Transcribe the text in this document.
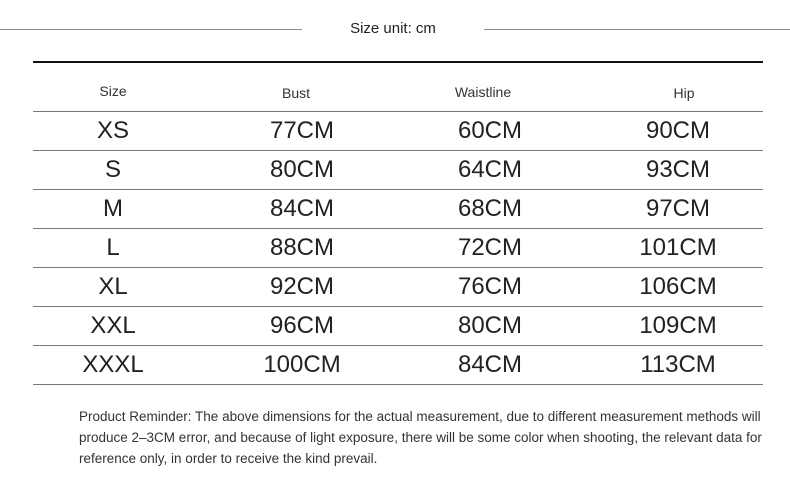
Size unit: cm
Size	Bust	Waistline	Hip
XS	77CM	60CM	90CM
S	80CM	64CM	93CM
M	84CM	68CM	97CM
L	88CM	72CM	101CM
XL	92CM	76CM	106CM
XXL	96CM	80CM	109CM
XXXL	100CM	84CM	113CM
Product Reminder: The above dimensions for the actual measurement, due to different measurement methods will
produce 2–3CM error, and because of light exposure, there will be some color when shooting, the relevant data for
reference only, in order to receive the kind prevail.
